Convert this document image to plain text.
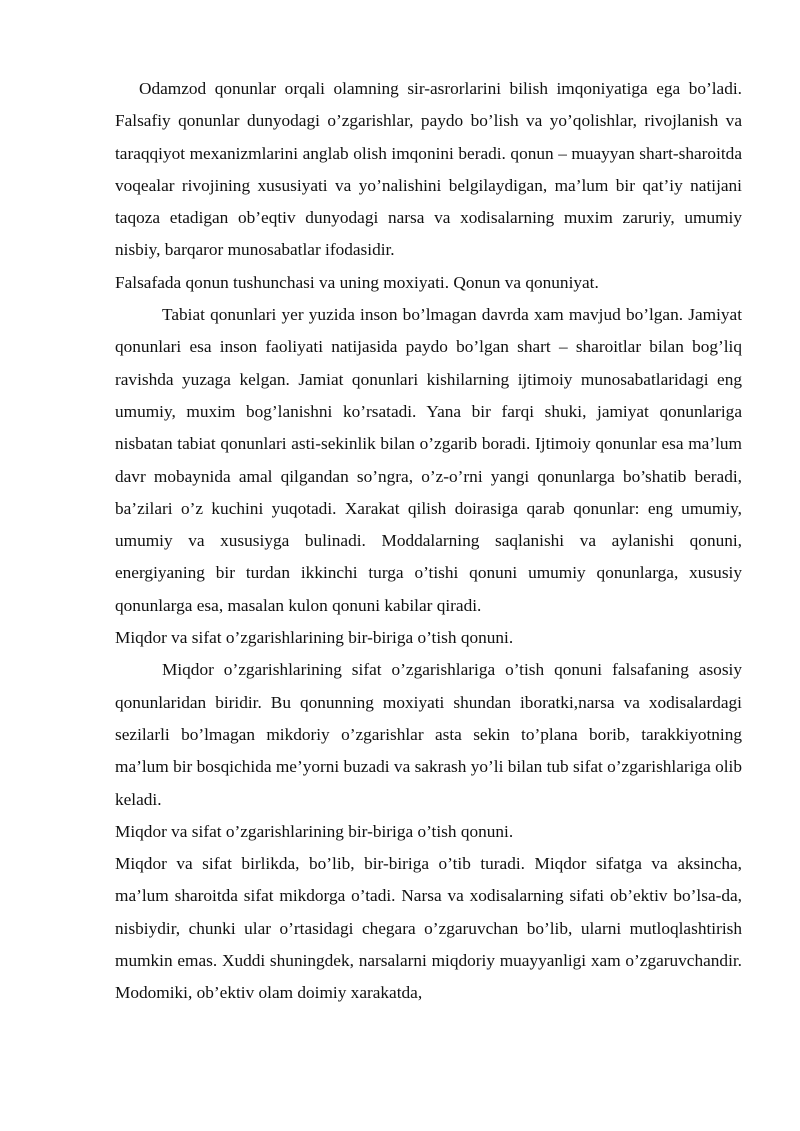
Odamzod qonunlar orqali olamning sir-asrorlarini bilish imqoniyatiga ega bo’ladi. Falsafiy qonunlar dunyodagi o’zgarishlar, paydo bo’lish va yo’qolishlar, rivojlanish va taraqqiyot mexanizmlarini anglab olish imqonini beradi. qonun – muayyan shart-sharoitda voqealar rivojining xususiyati va yo’nalishini belgilaydigan, ma’lum bir qat’iy natijani taqoza etadigan ob’eqtiv dunyodagi narsa va xodisalarning muxim zaruriy, umumiy nisbiy, barqaror munosabatlar ifodasidir.

Falsafada qonun tushunchasi va uning moxiyati. Qonun va qonuniyat.

Tabiat qonunlari yer yuzida inson bo’lmagan davrda xam mavjud bo’lgan. Jamiyat qonunlari esa inson faoliyati natijasida paydo bo’lgan shart – sharoitlar bilan bog’liq ravishda yuzaga kelgan. Jamiat qonunlari kishilarning ijtimoiy munosabatlaridagi eng umumiy, muxim bog’lanishni ko’rsatadi. Yana bir farqi shuki, jamiyat qonunlariga nisbatan tabiat qonunlari asti-sekinlik bilan o’zgarib boradi. Ijtimoiy qonunlar esa ma’lum davr mobaynida amal qilgandan so’ngra, o’z-o’rni yangi qonunlarga bo’shatib beradi, ba’zilari o’z kuchini yuqotadi. Xarakat qilish doirasiga qarab qonunlar: eng umumiy, umumiy va xususiyga bulinadi. Moddalarning saqlanishi va aylanishi qonuni, energiyaning bir turdan ikkinchi turga o’tishi qonuni umumiy qonunlarga, xususiy qonunlarga esa, masalan kulon qonuni kabilar qiradi.

Miqdor va sifat o’zgarishlarining bir-biriga o’tish qonuni.

Miqdor o’zgarishlarining sifat o’zgarishlariga o’tish qonuni falsafaning asosiy qonunlaridan biridir. Bu qonunning moxiyati shundan iboratki,narsa va xodisalardagi sezilarli bo’lmagan mikdoriy o’zgarishlar asta sekin to’plana borib, tarakkiyotning ma’lum bir bosqichida me’yorni buzadi va sakrash yo’li bilan tub sifat o’zgarishlariga olib keladi.

Miqdor va sifat o’zgarishlarining bir-biriga o’tish qonuni.

Miqdor va sifat birlikda, bo’lib, bir-biriga o’tib turadi. Miqdor sifatga va aksincha, ma’lum sharoitda sifat mikdorga o’tadi. Narsa va xodisalarning sifati ob’ektiv bo’lsa-da, nisbiydir, chunki ular o’rtasidagi chegara o’zgaruvchan bo’lib, ularni mutloqlashtirish mumkin emas. Xuddi shuningdek, narsalarni miqdoriy muayyanligi xam o’zgaruvchandir. Modomiki, ob’ektiv olam doimiy xarakatda,
